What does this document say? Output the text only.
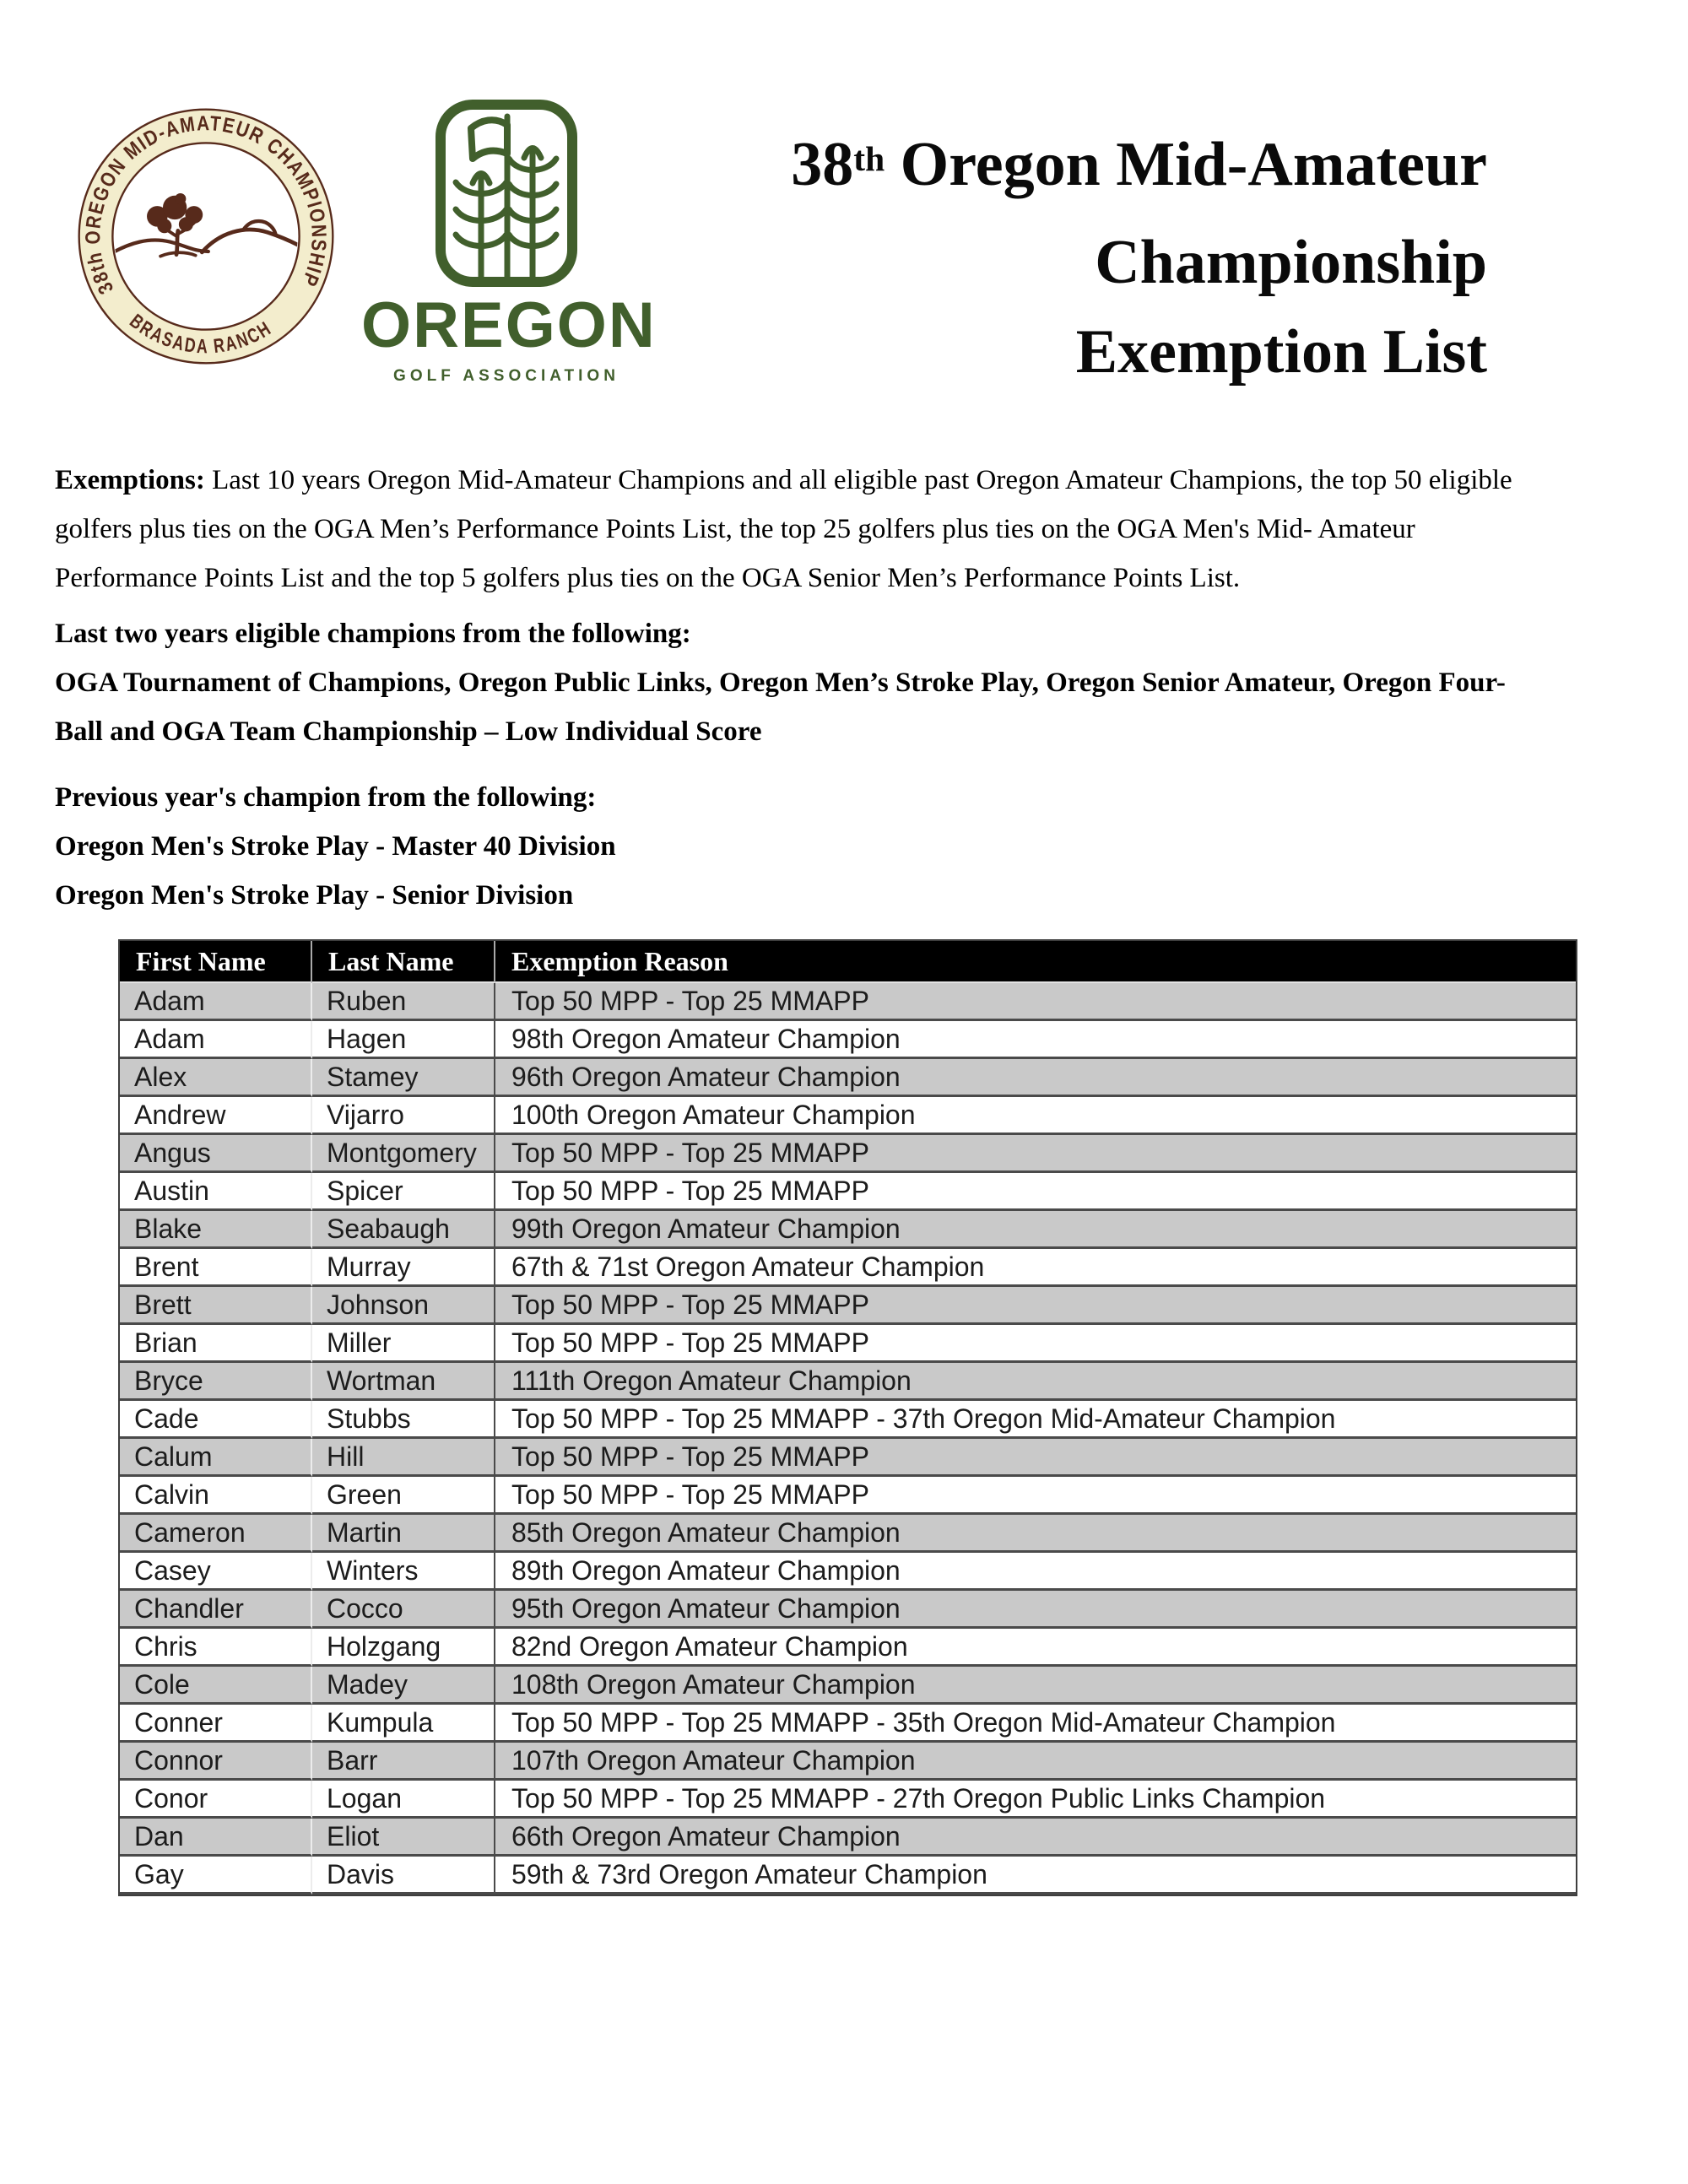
38th OREGON MID-AMATEUR CHAMPIONSHIP
BRASADA RANCH OREGON
GOLF ASSOCIATION
38th Oregon Mid-Amateur
Championship
Exemption List
Exemptions: Last 10 years Oregon Mid-Amateur Champions and all eligible past Oregon Amateur Champions, the top 50 eligible
golfers plus ties on the OGA Men’s Performance Points List, the top 25 golfers plus ties on the OGA Men's Mid- Amateur
Performance Points List and the top 5 golfers plus ties on the OGA Senior Men’s Performance Points List.
Last two years eligible champions from the following:
OGA Tournament of Champions, Oregon Public Links, Oregon Men’s Stroke Play, Oregon Senior Amateur, Oregon Four-
Ball and OGA Team Championship – Low Individual Score
Previous year's champion from the following:
Oregon Men's Stroke Play - Master 40 Division
Oregon Men's Stroke Play - Senior Division
First Name	Last Name	Exemption Reason
Adam	Ruben	Top 50 MPP - Top 25 MMAPP
Adam	Hagen	98th Oregon Amateur Champion
Alex	Stamey	96th Oregon Amateur Champion
Andrew	Vijarro	100th Oregon Amateur Champion
Angus	Montgomery	Top 50 MPP - Top 25 MMAPP
Austin	Spicer	Top 50 MPP - Top 25 MMAPP
Blake	Seabaugh	99th Oregon Amateur Champion
Brent	Murray	67th & 71st Oregon Amateur Champion
Brett	Johnson	Top 50 MPP - Top 25 MMAPP
Brian	Miller	Top 50 MPP - Top 25 MMAPP
Bryce	Wortman	111th Oregon Amateur Champion
Cade	Stubbs	Top 50 MPP - Top 25 MMAPP - 37th Oregon Mid-Amateur Champion
Calum	Hill	Top 50 MPP - Top 25 MMAPP
Calvin	Green	Top 50 MPP - Top 25 MMAPP
Cameron	Martin	85th Oregon Amateur Champion
Casey	Winters	89th Oregon Amateur Champion
Chandler	Cocco	95th Oregon Amateur Champion
Chris	Holzgang	82nd Oregon Amateur Champion
Cole	Madey	108th Oregon Amateur Champion
Conner	Kumpula	Top 50 MPP - Top 25 MMAPP - 35th Oregon Mid-Amateur Champion
Connor	Barr	107th Oregon Amateur Champion
Conor	Logan	Top 50 MPP - Top 25 MMAPP - 27th Oregon Public Links Champion
Dan	Eliot	66th Oregon Amateur Champion
Gay	Davis	59th & 73rd Oregon Amateur Champion
